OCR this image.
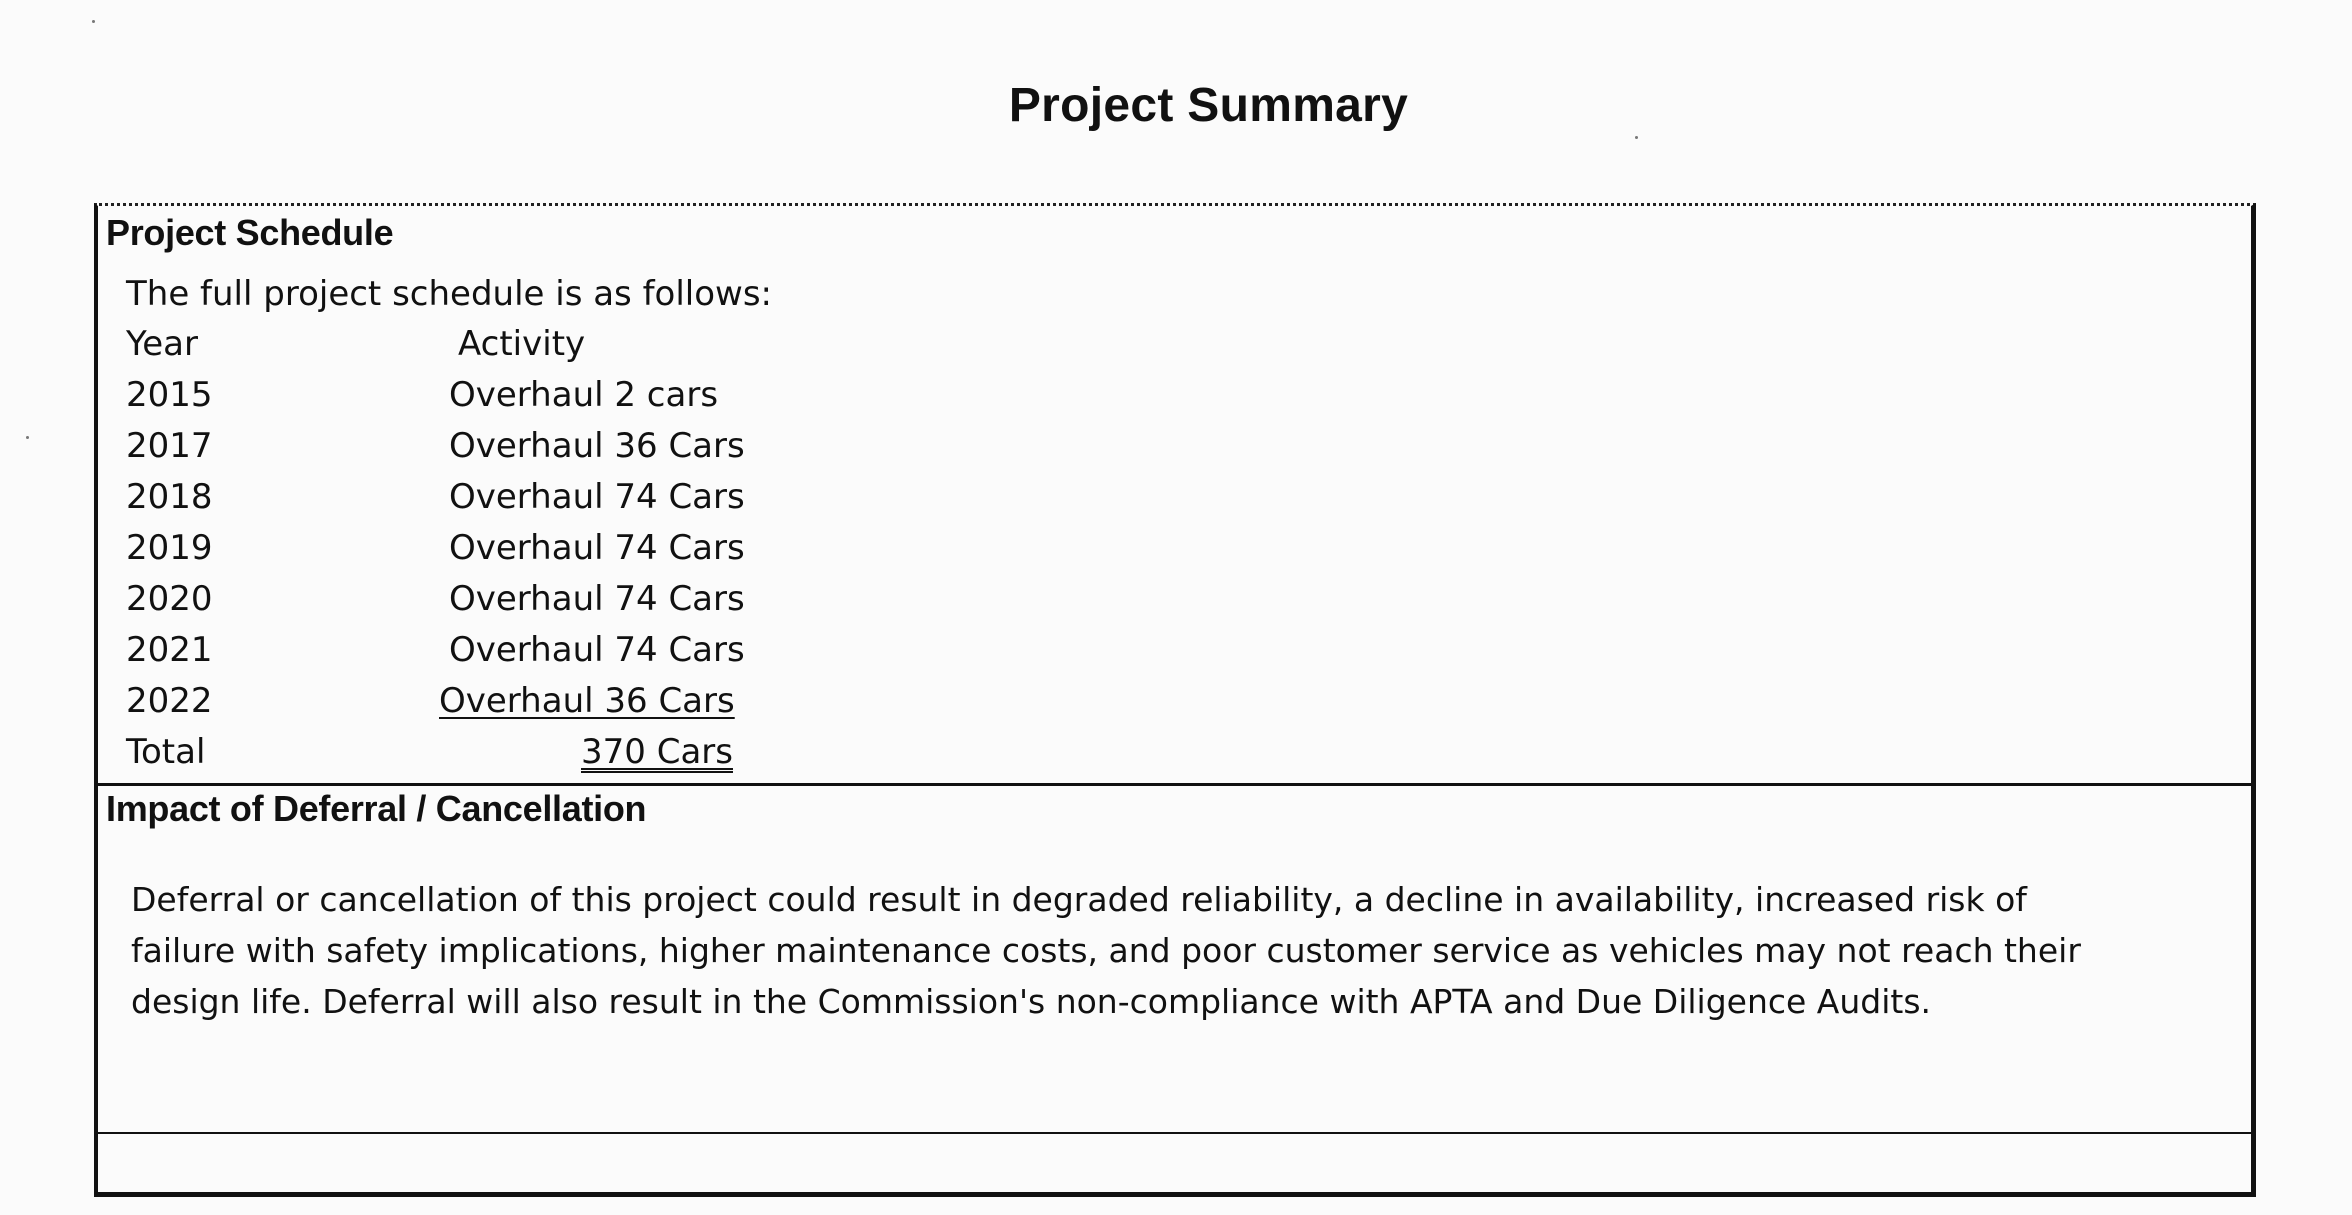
Project Summary
Project Schedule
The full project schedule is as follows:
Year	Activity
2015	Overhaul 2 cars
2017	Overhaul 36 Cars
2018	Overhaul 74 Cars
2019	Overhaul 74 Cars
2020	Overhaul 74 Cars
2021	Overhaul 74 Cars
2022	Overhaul 36 Cars
Total	370 Cars
Impact of Deferral / Cancellation
Deferral or cancellation of this project could result in degraded reliability, a decline in availability, increased risk of
failure with safety implications, higher maintenance costs, and poor customer service as vehicles may not reach their
design life. Deferral will also result in the Commission's non-compliance with APTA and Due Diligence Audits.
